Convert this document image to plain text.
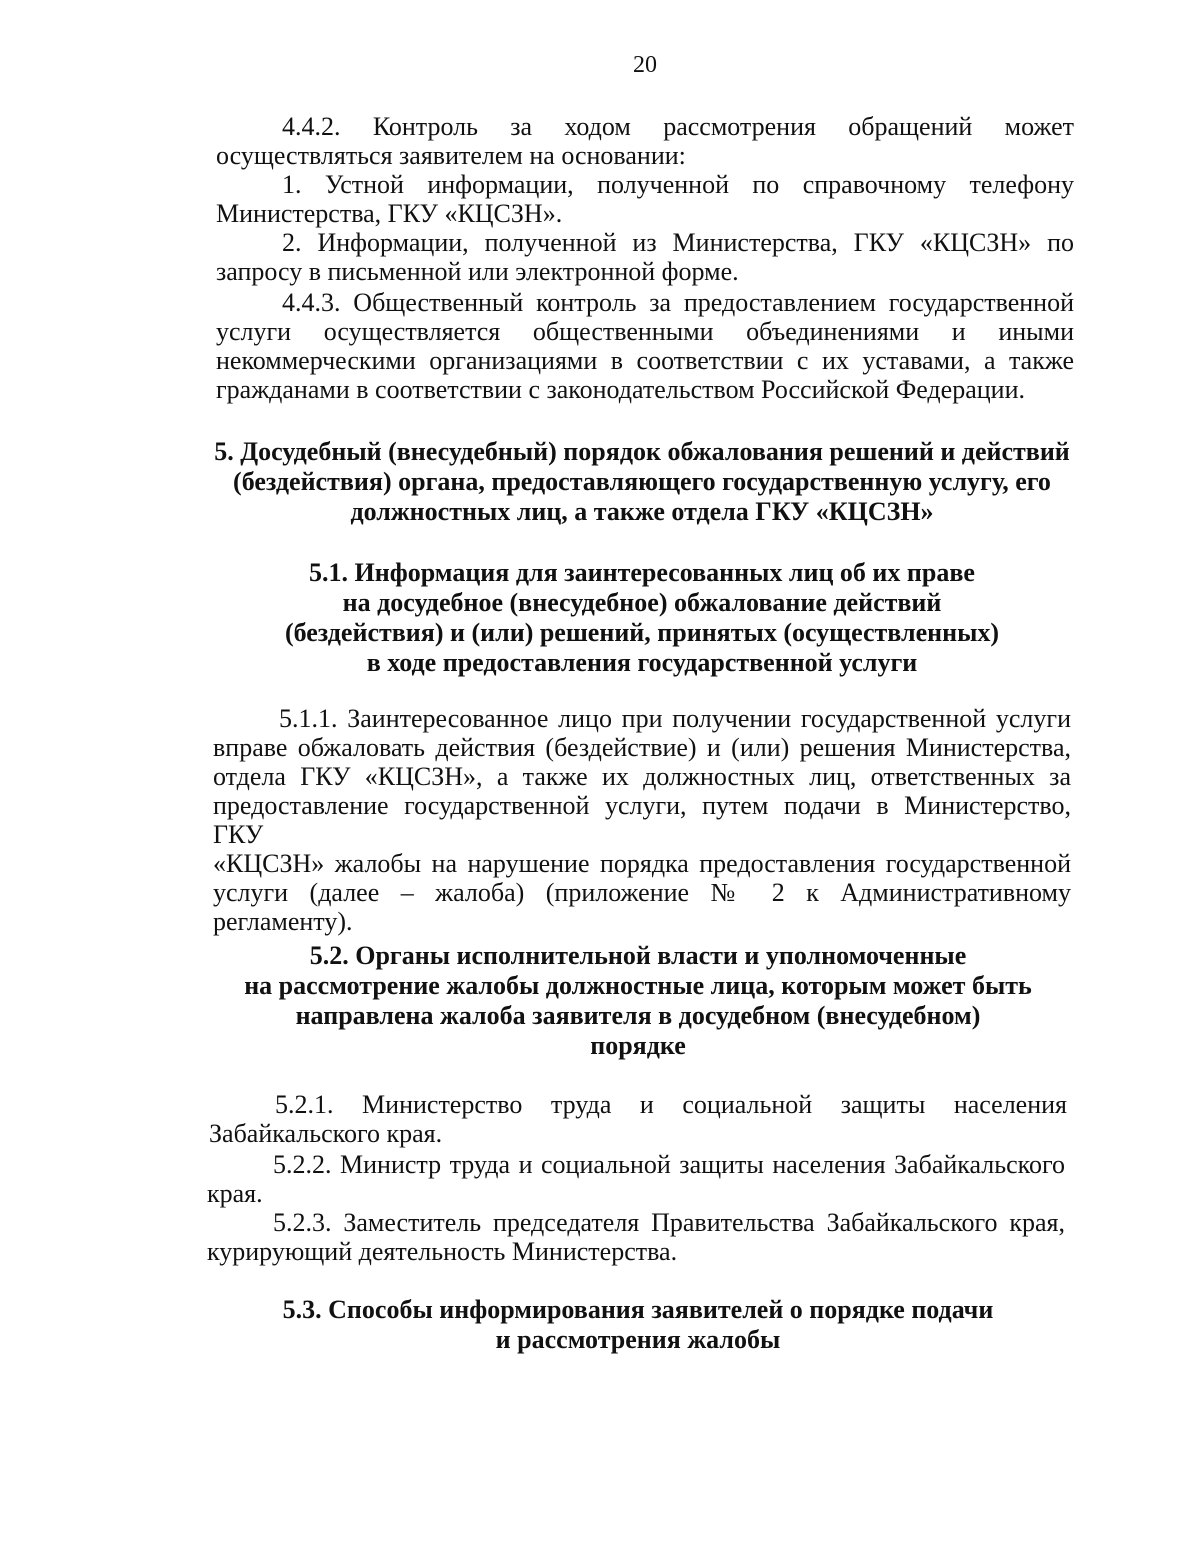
20
4.4.2. Контроль за ходом рассмотрения обращений может
осуществляться заявителем на основании:
1. Устной информации, полученной по справочному телефону
Министерства, ГКУ «КЦСЗН».
2. Информации, полученной из Министерства, ГКУ «КЦСЗН» по
запросу в письменной или электронной форме.
4.4.3. Общественный контроль за предоставлением государственной
услуги осуществляется общественными объединениями и иными
некоммерческими организациями в соответствии с их уставами, а также
гражданами в соответствии с законодательством Российской Федерации.
5. Досудебный (внесудебный) порядок обжалования решений и действий
(бездействия) органа, предоставляющего государственную услугу, его
должностных лиц, а также отдела ГКУ «КЦСЗН»
5.1. Информация для заинтересованных лиц об их праве
на досудебное (внесудебное) обжалование действий
(бездействия) и (или) решений, принятых (осуществленных)
в ходе предоставления государственной услуги
5.1.1. Заинтересованное лицо при получении государственной услуги
вправе обжаловать действия (бездействие) и (или) решения Министерства,
отдела ГКУ «КЦСЗН», а также их должностных лиц, ответственных за
предоставление государственной услуги, путем подачи в Министерство, ГКУ
«КЦСЗН» жалобы на нарушение порядка предоставления государственной
услуги (далее – жалоба) (приложение № 2 к Административному
регламенту).
5.2. Органы исполнительной власти и уполномоченные
на рассмотрение жалобы должностные лица, которым может быть
направлена жалоба заявителя в досудебном (внесудебном)
порядке
5.2.1. Министерство труда и социальной защиты населения
Забайкальского края.
5.2.2. Министр труда и социальной защиты населения Забайкальского
края.
5.2.3. Заместитель председателя Правительства Забайкальского края,
курирующий деятельность Министерства.
5.3. Способы информирования заявителей о порядке подачи
и рассмотрения жалобы
